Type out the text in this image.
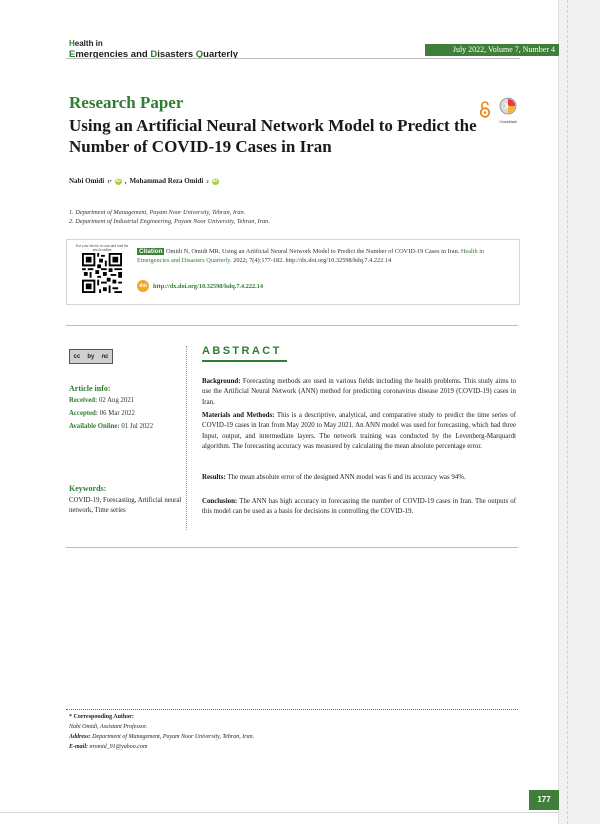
Health in
Emergencies and Disasters Quarterly	July 2022, Volume 7, Number 4
Research Paper
Using an Artificial Neural Network Model to Predict the Number of COVID-19 Cases in Iran
CrossMark
Nabi Omidi 1* iD , Mohammad Reza Omidi 2 iD
1. Department of Management, Payam Noor University, Tehran, Iran.
2. Department of Industrial Engineering, Payam Noor University, Tehran, Iran.
Use your device to scan and read the article online	Citation Omidi N, Omidi MR. Using an Artificial Neural Network Model to Predict the Number of COVID-19 Cases in Iran. Health in Emergencies and Disasters Quarterly. 2022; 7(4):177-182. http://dx.doi.org/10.32598/hdq.7.4.222.14
doi http://dx.doi.org/10.32598/hdq.7.4.222.14
cc by nc
Article info:
Received: 02 Aug 2021
Accepted: 06 Mar 2022
Available Online: 01 Jul 2022
Keywords:
COVID-19, Forecasting, Artificial neural network, Time series
ABSTRACT
Background: Forecasting methods are used in various fields including the health problems. This study aims to use the Artificial Neural Network (ANN) method for predicting coronavirus disease 2019 (COVID-19) cases in Iran.
Materials and Methods: This is a descriptive, analytical, and comparative study to predict the time series of COVID-19 cases in Iran from May 2020 to May 2021. An ANN model was used for forecasting, which had three Input, output, and intermediate layers. The network training was conducted by the Levenberg-Marquardt algorithm. The forecasting accuracy was measured by calculating the mean absolute percentage error.
Results: The mean absolute error of the designed ANN model was 6 and its accuracy was 94%.
Conclusion: The ANN has high accuracy in forecasting the number of COVID-19 cases in Iran. The outputs of this model can be used as a basis for decisions in controlling the COVID-19.
* Corresponding Author:
Nabi Omidi, Assistant Professor.
Address: Department of Management, Payam Noor University, Tehran, Iran.
E-mail: nromid_91@yahoo.com
177
